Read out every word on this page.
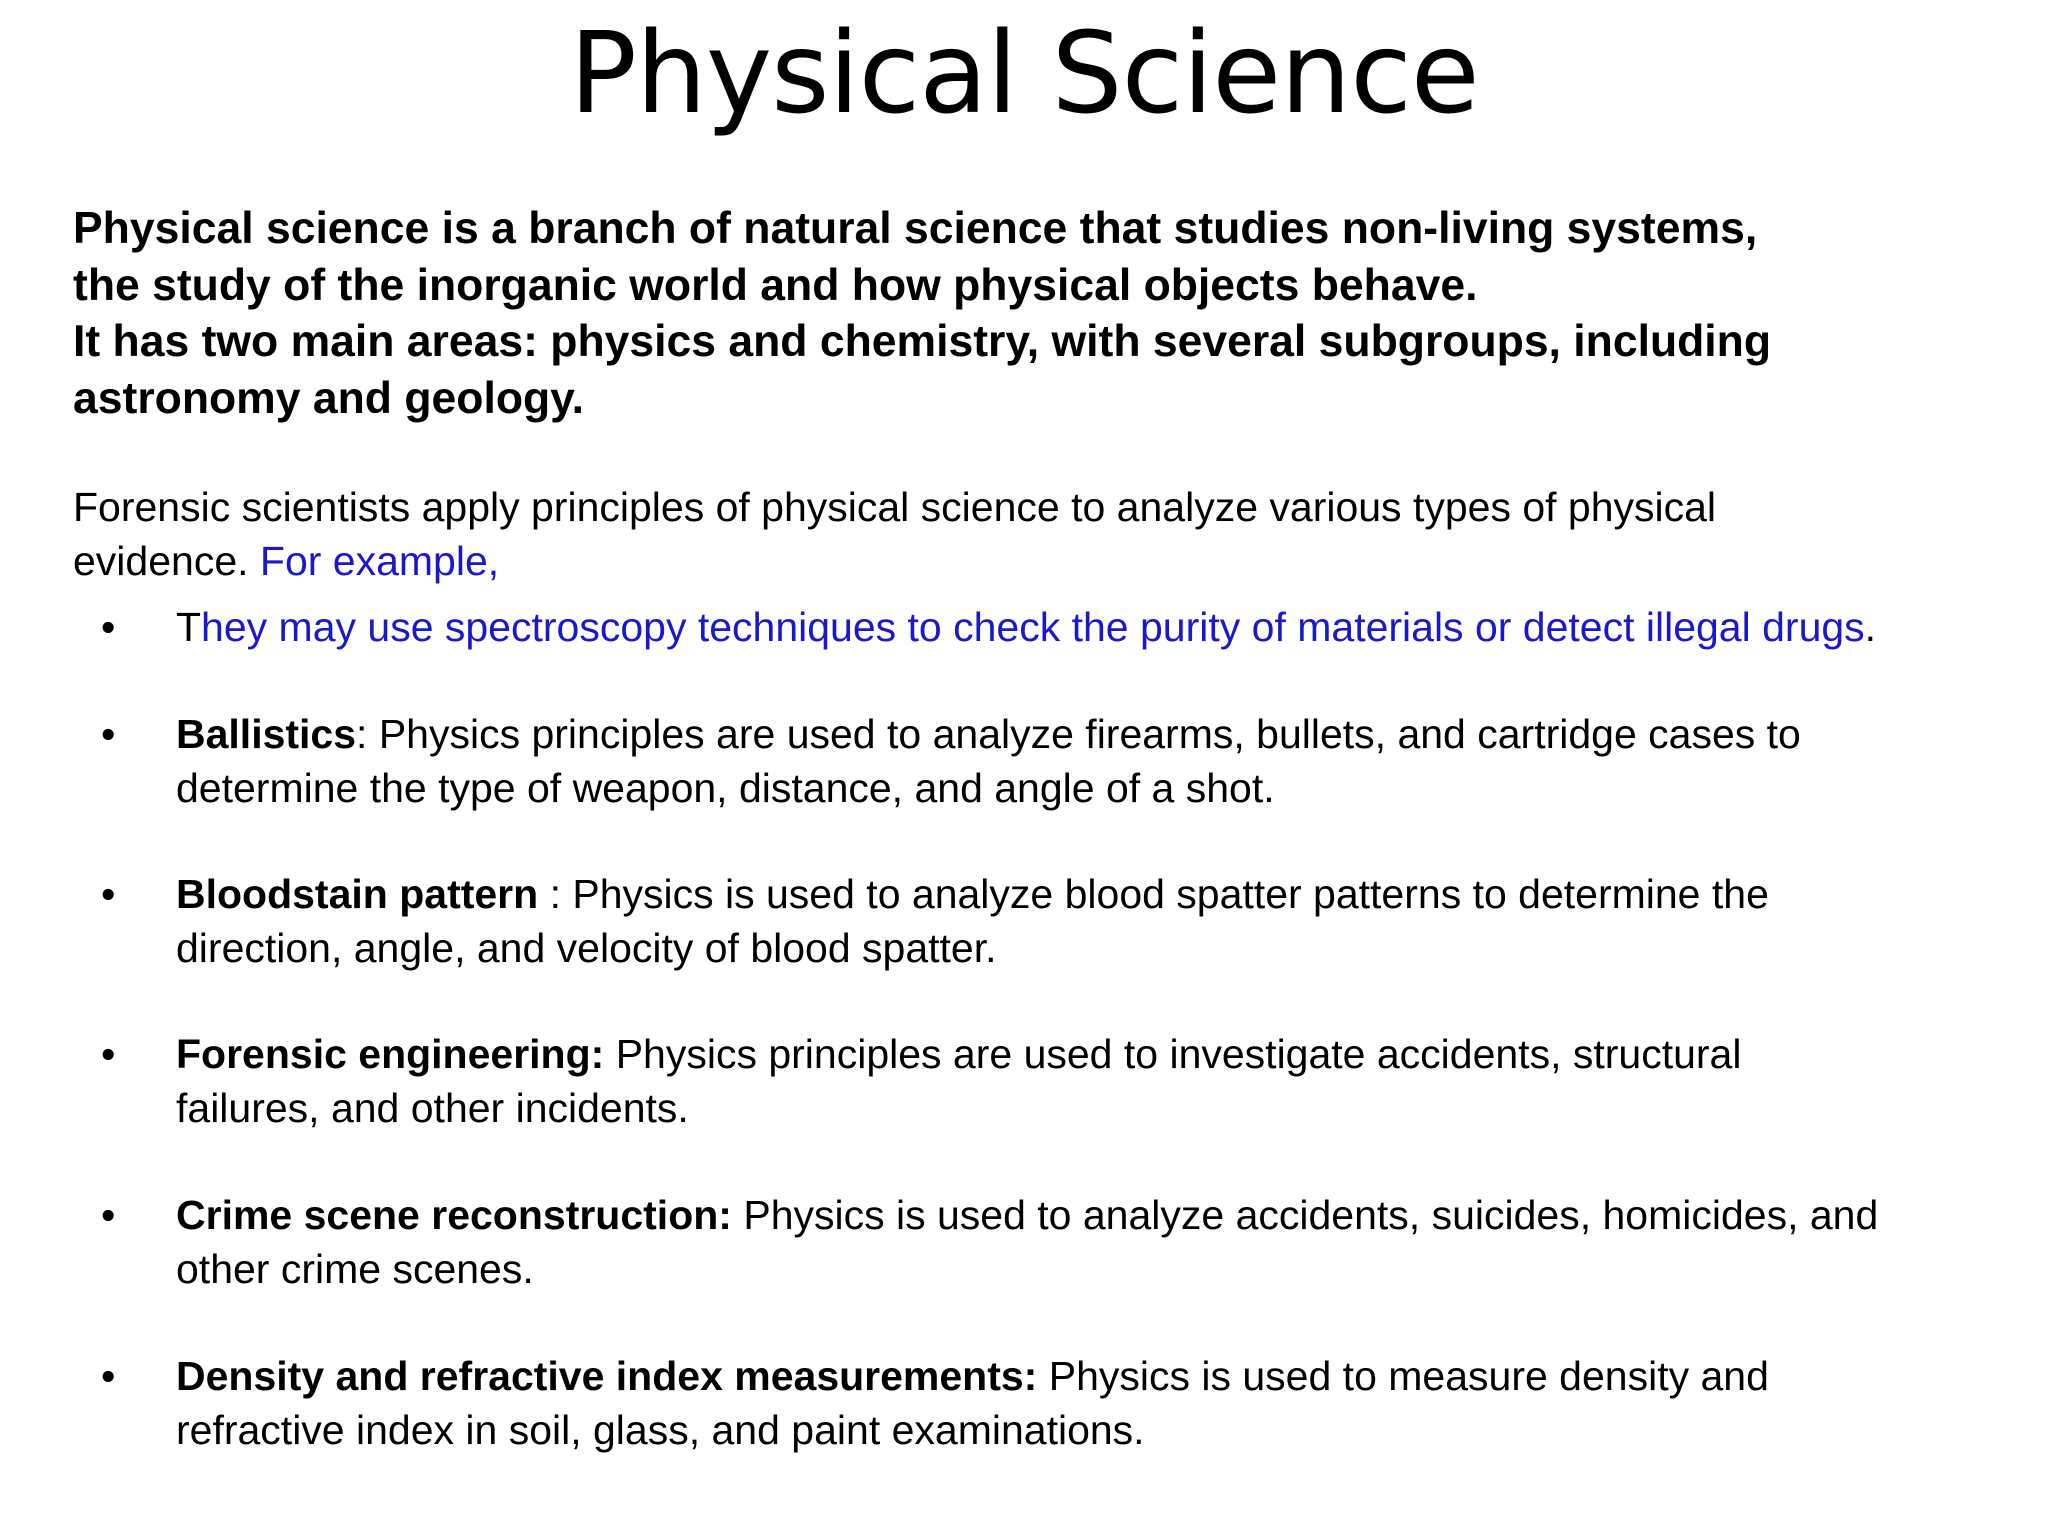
Physical Science

Physical science is a branch of natural science that studies non-living systems,
the study of the inorganic world and how physical objects behave.
It has two main areas: physics and chemistry, with several subgroups, including
astronomy and geology.

Forensic scientists apply principles of physical science to analyze various types of physical
evidence. For example,

• They may use spectroscopy techniques to check the purity of materials or detect illegal drugs.
• Ballistics: Physics principles are used to analyze firearms, bullets, and cartridge cases to
determine the type of weapon, distance, and angle of a shot.
• Bloodstain pattern : Physics is used to analyze blood spatter patterns to determine the
direction, angle, and velocity of blood spatter.
• Forensic engineering: Physics principles are used to investigate accidents, structural
failures, and other incidents.
• Crime scene reconstruction: Physics is used to analyze accidents, suicides, homicides, and
other crime scenes.
• Density and refractive index measurements: Physics is used to measure density and
refractive index in soil, glass, and paint examinations.
